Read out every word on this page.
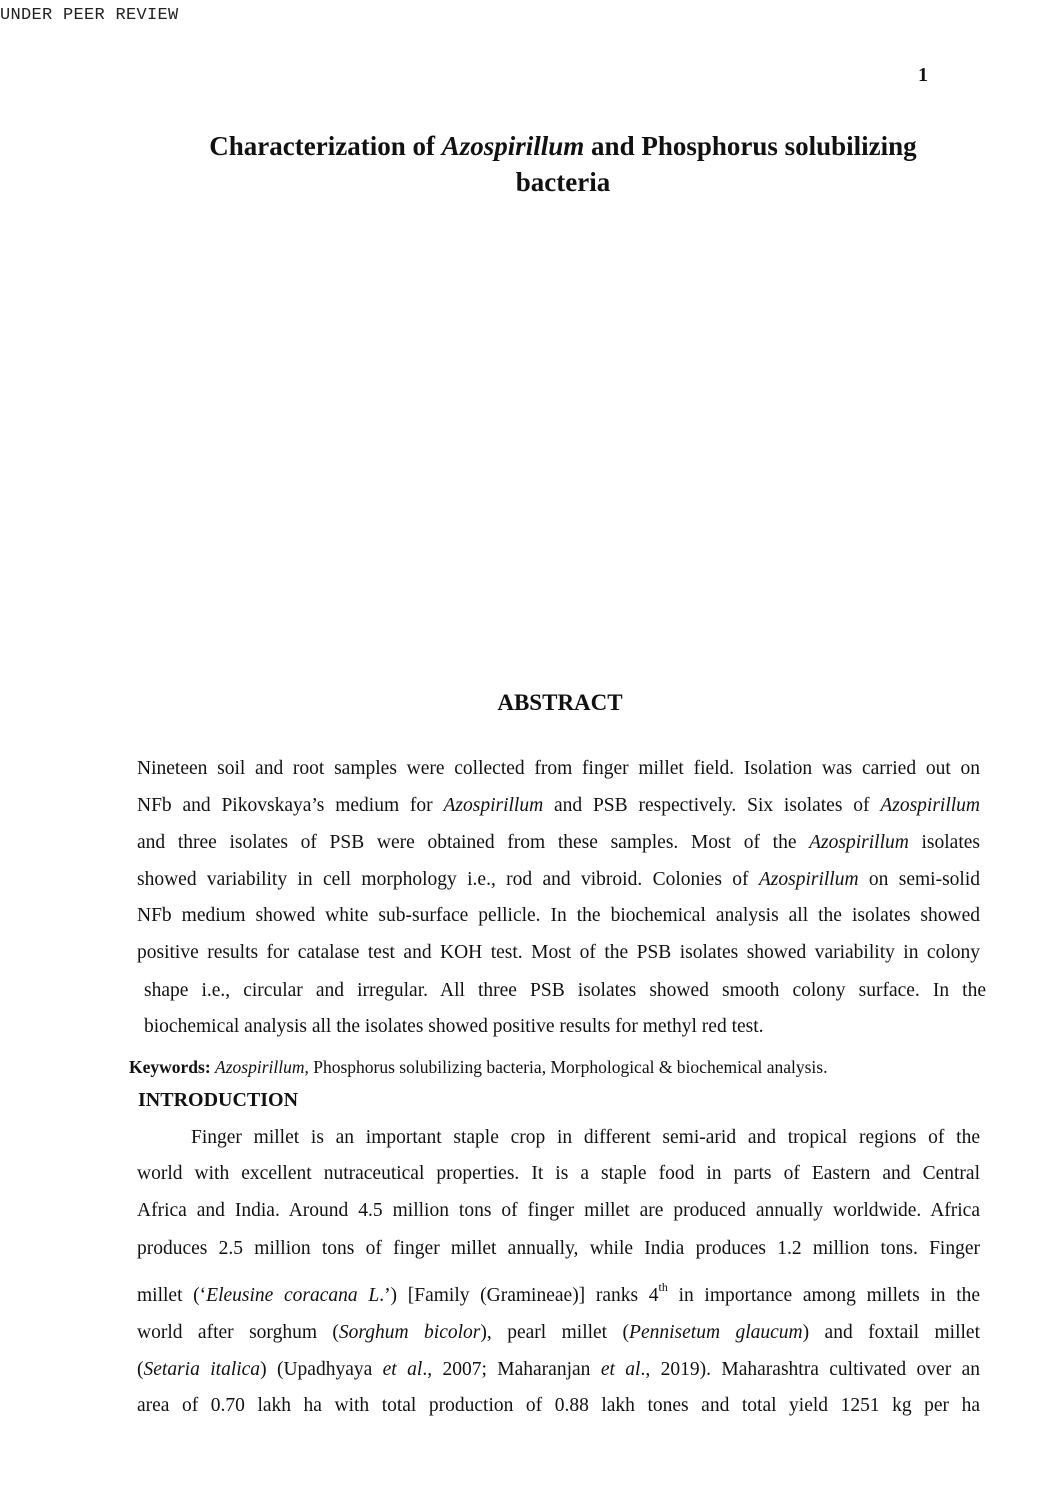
UNDER PEER REVIEW
1
Characterization of Azospirillum and Phosphorus solubilizing
bacteria
ABSTRACT
Nineteen soil and root samples were collected from finger millet field. Isolation was carried out on
NFb and Pikovskaya’s medium for Azospirillum and PSB respectively. Six isolates of Azospirillum
and three isolates of PSB were obtained from these samples. Most of the Azospirillum isolates
showed variability in cell morphology i.e., rod and vibroid. Colonies of Azospirillum on semi-solid
NFb medium showed white sub-surface pellicle. In the biochemical analysis all the isolates showed
positive results for catalase test and KOH test. Most of the PSB isolates showed variability in colony
shape i.e., circular and irregular. All three PSB isolates showed smooth colony surface. In the
biochemical analysis all the isolates showed positive results for methyl red test.
Keywords: Azospirillum, Phosphorus solubilizing bacteria, Morphological & biochemical analysis.
INTRODUCTION
Finger millet is an important staple crop in different semi-arid and tropical regions of the
world with excellent nutraceutical properties. It is a staple food in parts of Eastern and Central
Africa and India. Around 4.5 million tons of finger millet are produced annually worldwide. Africa
produces 2.5 million tons of finger millet annually, while India produces 1.2 million tons. Finger
millet (‘Eleusine coracana L.’) [Family (Gramineae)] ranks 4th in importance among millets in the
world after sorghum (Sorghum bicolor), pearl millet (Pennisetum glaucum) and foxtail millet
(Setaria italica) (Upadhyaya et al., 2007; Maharanjan et al., 2019). Maharashtra cultivated over an
area of 0.70 lakh ha with total production of 0.88 lakh tones and total yield 1251 kg per ha
